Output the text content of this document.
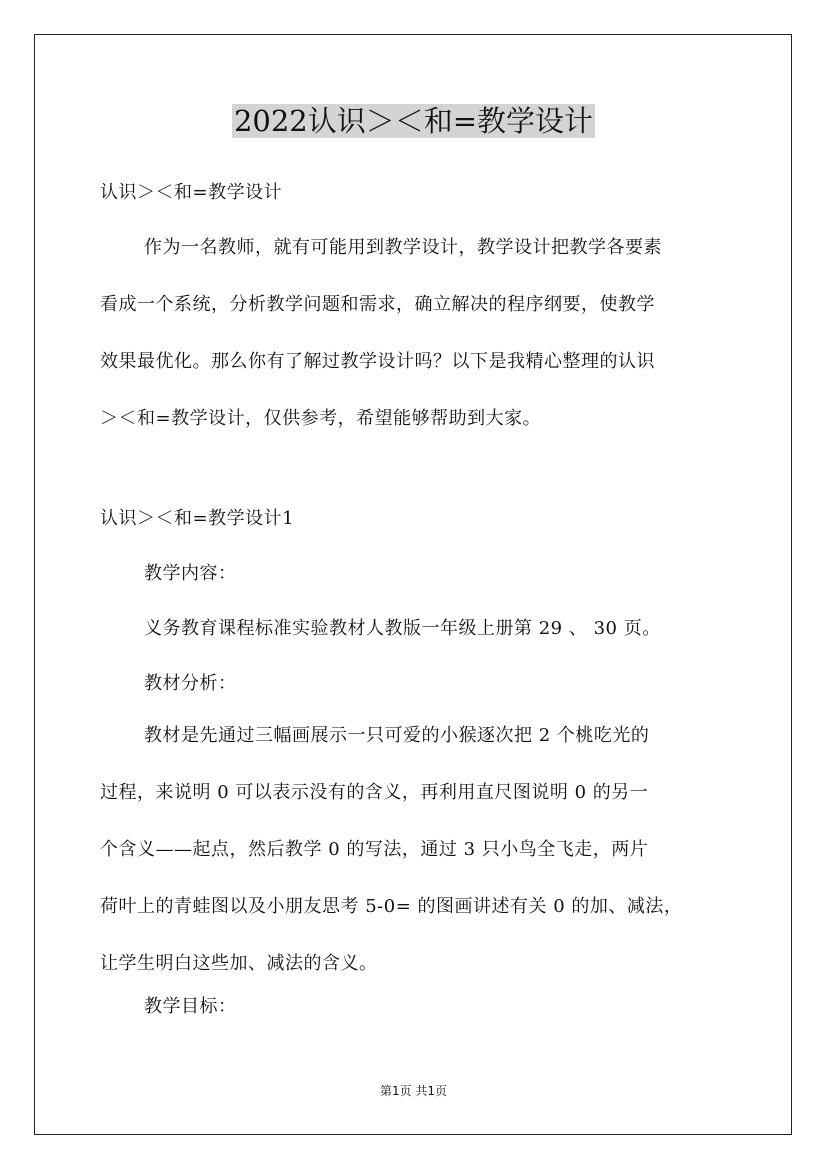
2022认识＞＜和=教学设计

认识＞＜和=教学设计

作为一名教师，就有可能用到教学设计，教学设计把教学各要素
看成一个系统，分析教学问题和需求，确立解决的程序纲要，使教学
效果最优化。那么你有了解过教学设计吗？以下是我精心整理的认识
＞＜和=教学设计，仅供参考，希望能够帮助到大家。

认识＞＜和=教学设计1

教学内容：

义务教育课程标准实验教材人教版一年级上册第 29 、 30 页。

教材分析：

教材是先通过三幅画展示一只可爱的小猴逐次把 2 个桃吃光的
过程，来说明 0 可以表示没有的含义，再利用直尺图说明 0 的另一
个含义——起点，然后教学 0 的写法，通过 3 只小鸟全飞走，两片
荷叶上的青蛙图以及小朋友思考 5-0= 的图画讲述有关 0 的加、减法，
让学生明白这些加、减法的含义。

教学目标：

第1页 共1页
